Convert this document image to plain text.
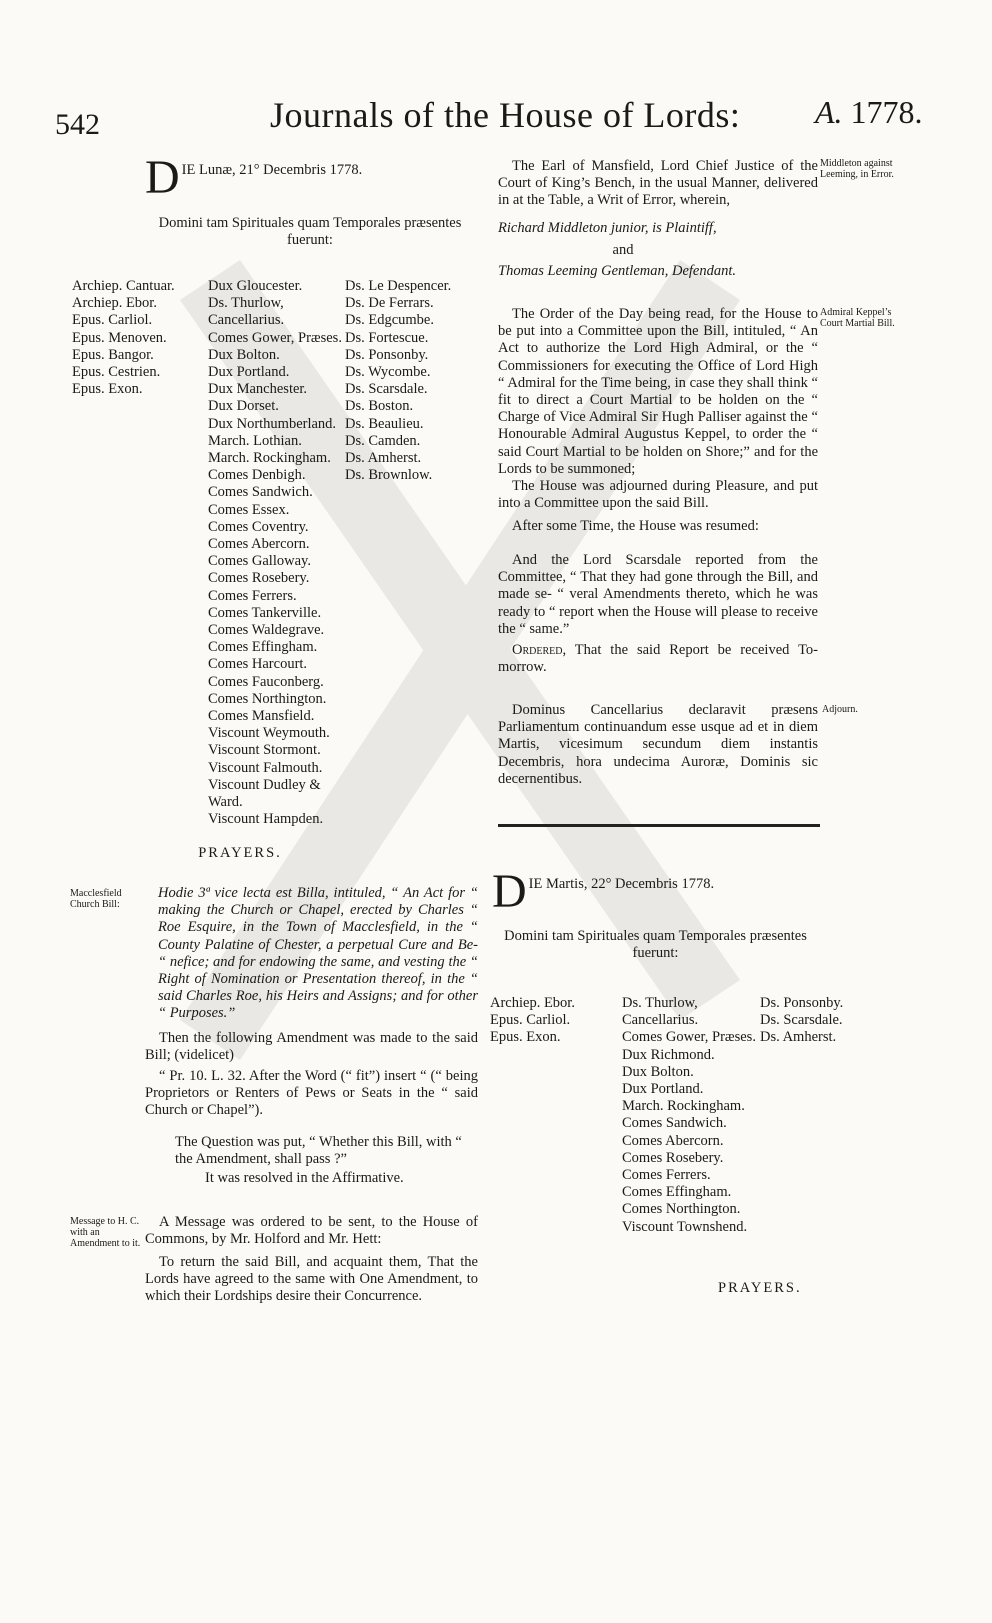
542	Journals of the House of Lords: A. 1778.
D IE Lunæ, 21° Decembris 1778.
Domini tam Spirituales quam Temporales præsentes fuerunt:
Archiep. Cantuar.
Archiep. Ebor.
Epus. Carliol.
Epus. Menoven.
Epus. Bangor.
Epus. Cestrien.
Epus. Exon.
Dux Gloucester.
Ds. Thurlow, Cancellarius.
Comes Gower, Præses.
Dux Bolton.
Dux Portland.
Dux Manchester.
Dux Dorset.
Dux Northumberland.
March. Lothian.
March. Rockingham.
Comes Denbigh.
Comes Sandwich.
Comes Essex.
Comes Coventry.
Comes Abercorn.
Comes Galloway.
Comes Rosebery.
Comes Ferrers.
Comes Tankerville.
Comes Waldegrave.
Comes Effingham.
Comes Harcourt.
Comes Fauconberg.
Comes Northington.
Comes Mansfield.
Viscount Weymouth.
Viscount Stormont.
Viscount Falmouth.
Viscount Dudley & Ward.
Viscount Hampden.
Ds. Le Despencer.
Ds. De Ferrars.
Ds. Edgcumbe.
Ds. Fortescue.
Ds. Ponsonby.
Ds. Wycombe.
Ds. Scarsdale.
Ds. Boston.
Ds. Beaulieu.
Ds. Camden.
Ds. Amherst.
Ds. Brownlow.
PRAYERS.
Macclesfield Church Bill:

Hodie 3ª vice lecta est Billa, intituled, “ An Act for “ making the Church or Chapel, erected by Charles “ Roe Esquire, in the Town of Macclesfield, in the “ County Palatine of Chester, a perpetual Cure and Be- “ nefice; and for endowing the same, and vesting the “ Right of Nomination or Presentation thereof, in the “ said Charles Roe, his Heirs and Assigns; and for other “ Purposes.”

Then the following Amendment was made to the said Bill; (videlicet)

“ Pr. 10. L. 32. After the Word (“ fit”) insert “ (“ being Proprietors or Renters of Pews or Seats in the “ said Church or Chapel”).

The Question was put, “ Whether this Bill, with “ the Amendment, shall pass ?”

It was resolved in the Affirmative.

Message to H. C. with an Amendment to it.

A Message was ordered to be sent, to the House of Commons, by Mr. Holford and Mr. Hett:

To return the said Bill, and acquaint them, That the Lords have agreed to the same with One Amendment, to which their Lordships desire their Concurrence.

Middleton against Leeming, in Error.

The Earl of Mansfield, Lord Chief Justice of the Court of King’s Bench, in the usual Manner, delivered in at the Table, a Writ of Error, wherein,

Richard Middleton junior, is Plaintiff,

and

Thomas Leeming Gentleman, Defendant.

Admiral Keppel’s Court Martial Bill.

The Order of the Day being read, for the House to be put into a Committee upon the Bill, intituled, “ An Act to authorize the Lord High Admiral, or the “ Commissioners for executing the Office of Lord High “ Admiral for the Time being, in case they shall think “ fit to direct a Court Martial to be holden on the “ Charge of Vice Admiral Sir Hugh Palliser against the “ Honourable Admiral Augustus Keppel, to order the “ said Court Martial to be holden on Shore;” and for the Lords to be summoned;

The House was adjourned during Pleasure, and put into a Committee upon the said Bill.

After some Time, the House was resumed:

And the Lord Scarsdale reported from the Committee, “ That they had gone through the Bill, and made se- “ veral Amendments thereto, which he was ready to “ report when the House will please to receive the “ same.”

Ordered, That the said Report be received To-morrow.

Adjourn.

Dominus Cancellarius declaravit præsens Parliamentum continuandum esse usque ad et in diem Martis, vicesimum secundum diem instantis Decembris, hora undecima Auroræ, Dominis sic decernentibus.

D IE Martis, 22° Decembris 1778.
Domini tam Spirituales quam Temporales præsentes fuerunt:
Archiep. Ebor.
Epus. Carliol.
Epus. Exon.
Ds. Thurlow, Cancellarius.
Comes Gower, Præses.
Dux Richmond.
Dux Bolton.
Dux Portland.
March. Rockingham.
Comes Sandwich.
Comes Abercorn.
Comes Rosebery.
Comes Ferrers.
Comes Effingham.
Comes Northington.
Viscount Townshend.
Ds. Ponsonby.
Ds. Scarsdale.
Ds. Amherst.
PRAYERS.
